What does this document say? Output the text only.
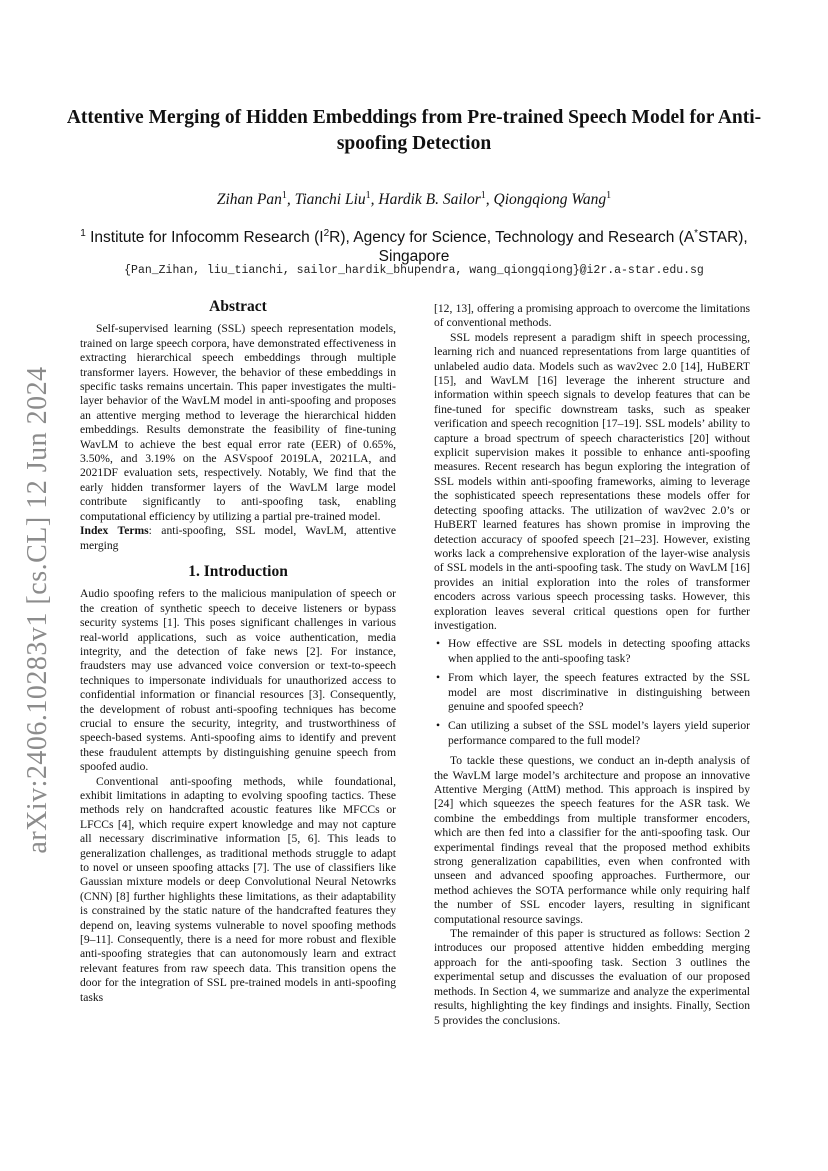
arXiv:2406.10283v1 [cs.CL] 12 Jun 2024
Attentive Merging of Hidden Embeddings from Pre-trained Speech Model for Anti-spoofing Detection

Zihan Pan$^1$, Tianchi Liu$^1$, Hardik B. Sailor$^1$, Qiongqiong Wang$^1$

$^1$ Institute for Infocomm Research $(I^2R)$, Agency for Science, Technology and Research (A*STAR), Singapore

{Pan_Zihan, liu_tianchi, sailor_hardik_bhupendra, wang_qiongqiong}@i2r.a-star.edu.sg

Abstract

Self-supervised learning (SSL) speech representation models, trained on large speech corpora, have demonstrated effectiveness in extracting hierarchical speech embeddings through multiple transformer layers. However, the behavior of these embeddings in specific tasks remains uncertain. This paper investigates the multi-layer behavior of the WavLM model in anti-spoofing and proposes an attentive merging method to leverage the hierarchical hidden embeddings. Results demonstrate the feasibility of fine-tuning WavLM to achieve the best equal error rate (EER) of 0.65%, 3.50%, and 3.19% on the ASVspoof 2019LA, 2021LA, and 2021DF evaluation sets, respectively. Notably, We find that the early hidden transformer layers of the WavLM large model contribute significantly to anti-spoofing task, enabling computational efficiency by utilizing a partial pre-trained model.

Index Terms: anti-spoofing, SSL model, WavLM, attentive merging

1. Introduction

Audio spoofing refers to the malicious manipulation of speech or the creation of synthetic speech to deceive listeners or bypass security systems [1]. This poses significant challenges in various real-world applications, such as voice authentication, media integrity, and the detection of fake news [2]. For instance, fraudsters may use advanced voice conversion or text-to-speech techniques to impersonate individuals for unauthorized access to confidential information or financial resources [3]. Consequently, the development of robust anti-spoofing techniques has become crucial to ensure the security, integrity, and trustworthiness of speech-based systems. Anti-spoofing aims to identify and prevent these fraudulent attempts by distinguishing genuine speech from spoofed audio.

Conventional anti-spoofing methods, while foundational, exhibit limitations in adapting to evolving spoofing tactics. These methods rely on handcrafted acoustic features like MFCCs or LFCCs [4], which require expert knowledge and may not capture all necessary discriminative information [5, 6]. This leads to generalization challenges, as traditional methods struggle to adapt to novel or unseen spoofing attacks [7]. The use of classifiers like Gaussian mixture models or deep Convolutional Neural Netowrks (CNN) [8] further highlights these limitations, as their adaptability is constrained by the static nature of the handcrafted features they depend on, leaving systems vulnerable to novel spoofing methods [9–11]. Consequently, there is a need for more robust and flexible anti-spoofing strategies that can autonomously learn and extract relevant features from raw speech data. This transition opens the door for the integration of SSL pre-trained models in anti-spoofing tasks

[12, 13], offering a promising approach to overcome the limitations of conventional methods.

SSL models represent a paradigm shift in speech processing, learning rich and nuanced representations from large quantities of unlabeled audio data. Models such as wav2vec 2.0 [14], HuBERT [15], and WavLM [16] leverage the inherent structure and information within speech signals to develop features that can be fine-tuned for specific downstream tasks, such as speaker verification and speech recognition [17–19]. SSL models’ ability to capture a broad spectrum of speech characteristics [20] without explicit supervision makes it possible to enhance anti-spoofing measures. Recent research has begun exploring the integration of SSL models within anti-spoofing frameworks, aiming to leverage the sophisticated speech representations these models offer for detecting spoofing attacks. The utilization of wav2vec 2.0’s or HuBERT learned features has shown promise in improving the detection accuracy of spoofed speech [21–23]. However, existing works lack a comprehensive exploration of the layer-wise analysis of SSL models in the anti-spoofing task. The study on WavLM [16] provides an initial exploration into the roles of transformer encoders across various speech processing tasks. However, this exploration leaves several critical questions open for further investigation.

• How effective are SSL models in detecting spoofing attacks when applied to the anti-spoofing task?
• From which layer, the speech features extracted by the SSL model are most discriminative in distinguishing between genuine and spoofed speech?
• Can utilizing a subset of the SSL model’s layers yield superior performance compared to the full model?

To tackle these questions, we conduct an in-depth analysis of the WavLM large model’s architecture and propose an innovative Attentive Merging (AttM) method. This approach is inspired by [24] which squeezes the speech features for the ASR task. We combine the embeddings from multiple transformer encoders, which are then fed into a classifier for the anti-spoofing task. Our experimental findings reveal that the proposed method exhibits strong generalization capabilities, even when confronted with unseen and advanced spoofing approaches. Furthermore, our method achieves the SOTA performance while only requiring half the number of SSL encoder layers, resulting in significant computational resource savings.

The remainder of this paper is structured as follows: Section 2 introduces our proposed attentive hidden embedding merging approach for the anti-spoofing task. Section 3 outlines the experimental setup and discusses the evaluation of our proposed methods. In Section 4, we summarize and analyze the experimental results, highlighting the key findings and insights. Finally, Section 5 provides the conclusions.
